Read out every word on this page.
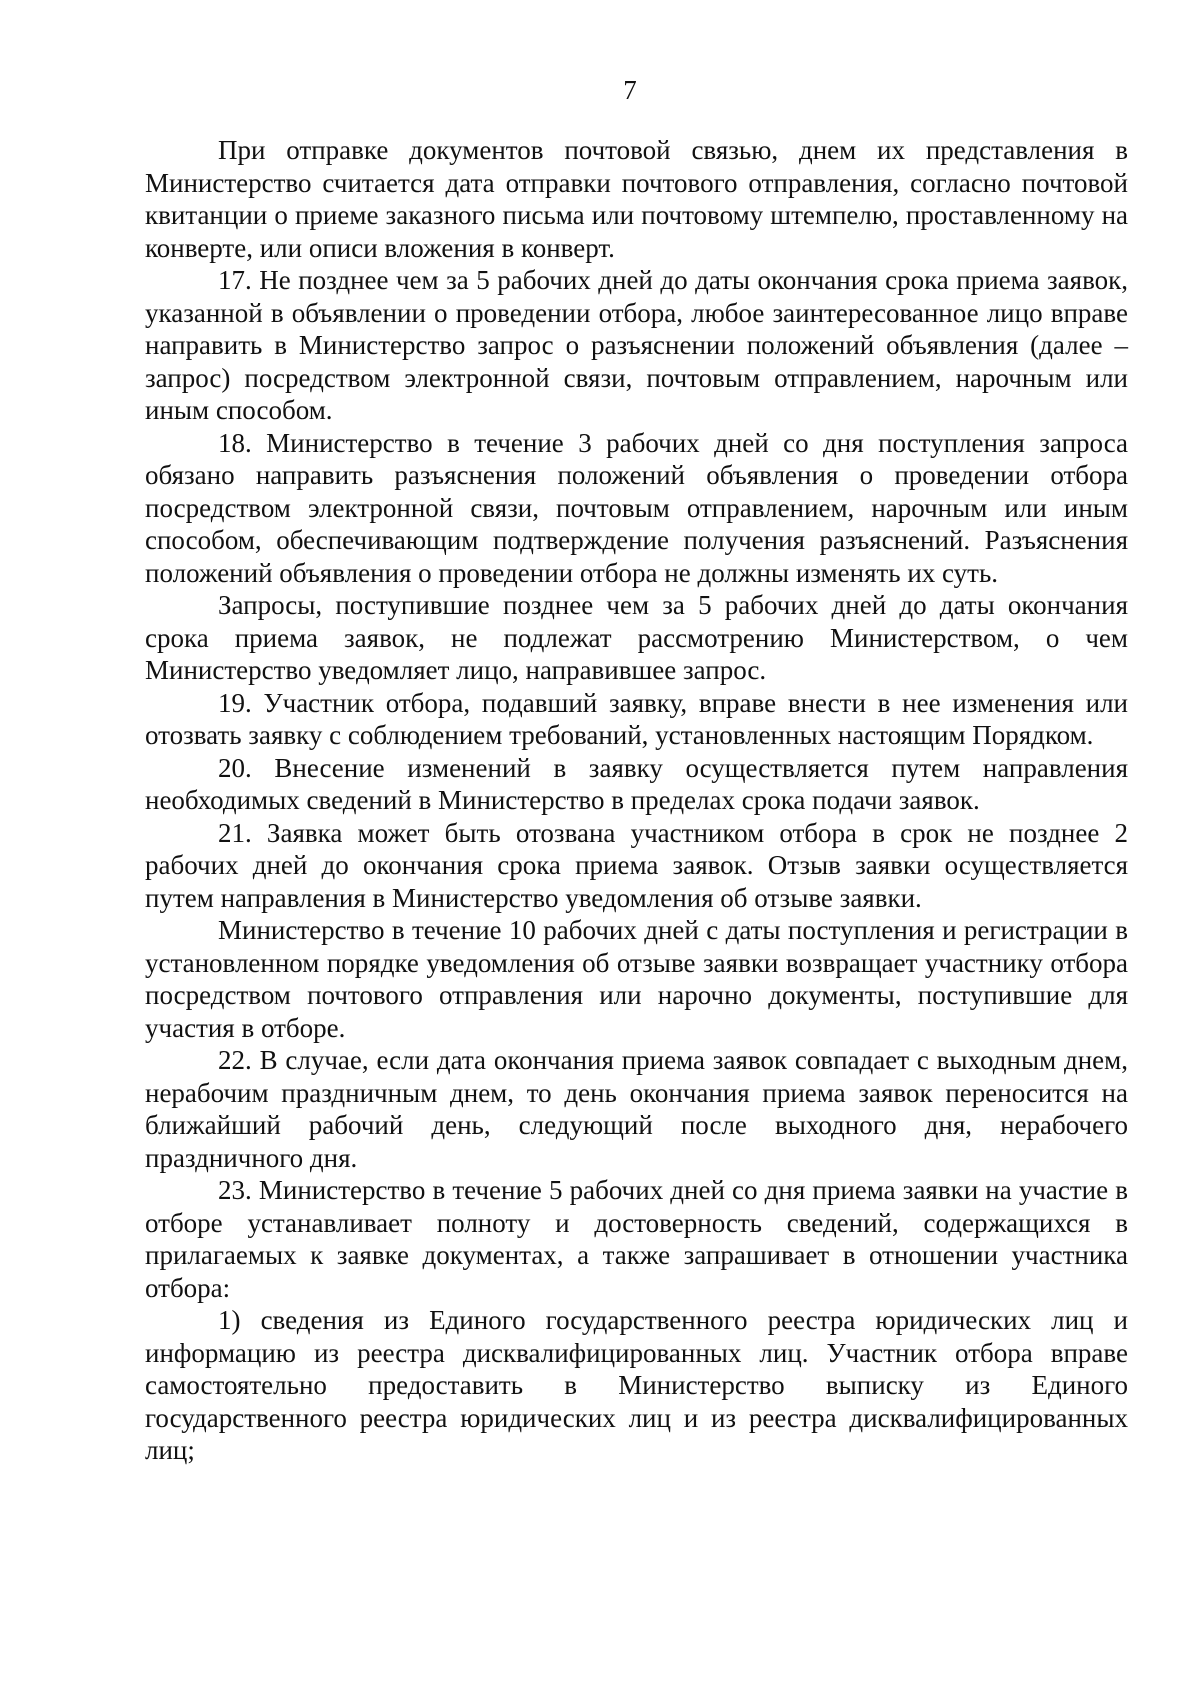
7

При отправке документов почтовой связью, днем их представления в Министерство считается дата отправки почтового отправления, согласно почтовой квитанции о приеме заказного письма или почтовому штемпелю, проставленному на конверте, или описи вложения в конверт.

17. Не позднее чем за 5 рабочих дней до даты окончания срока приема заявок, указанной в объявлении о проведении отбора, любое заинтересованное лицо вправе направить в Министерство запрос о разъяснении положений объявления (далее – запрос) посредством электронной связи, почтовым отправлением, нарочным или иным способом.

18. Министерство в течение 3 рабочих дней со дня поступления запроса обязано направить разъяснения положений объявления о проведении отбора посредством электронной связи, почтовым отправлением, нарочным или иным способом, обеспечивающим подтверждение получения разъяснений. Разъяснения положений объявления о проведении отбора не должны изменять их суть.

Запросы, поступившие позднее чем за 5 рабочих дней до даты окончания срока приема заявок, не подлежат рассмотрению Министерством, о чем Министерство уведомляет лицо, направившее запрос.

19. Участник отбора, подавший заявку, вправе внести в нее изменения или отозвать заявку с соблюдением требований, установленных настоящим Порядком.

20. Внесение изменений в заявку осуществляется путем направления необходимых сведений в Министерство в пределах срока подачи заявок.

21. Заявка может быть отозвана участником отбора в срок не позднее 2 рабочих дней до окончания срока приема заявок. Отзыв заявки осуществляется путем направления в Министерство уведомления об отзыве заявки.

Министерство в течение 10 рабочих дней с даты поступления и регистрации в установленном порядке уведомления об отзыве заявки возвращает участнику отбора посредством почтового отправления или нарочно документы, поступившие для участия в отборе.

22. В случае, если дата окончания приема заявок совпадает с выходным днем, нерабочим праздничным днем, то день окончания приема заявок переносится на ближайший рабочий день, следующий после выходного дня, нерабочего праздничного дня.

23. Министерство в течение 5 рабочих дней со дня приема заявки на участие в отборе устанавливает полноту и достоверность сведений, содержащихся в прилагаемых к заявке документах, а также запрашивает в отношении участника отбора:

1) сведения из Единого государственного реестра юридических лиц и информацию из реестра дисквалифицированных лиц. Участник отбора вправе самостоятельно предоставить в Министерство выписку из Единого государственного реестра юридических лиц и из реестра дисквалифицированных лиц;
